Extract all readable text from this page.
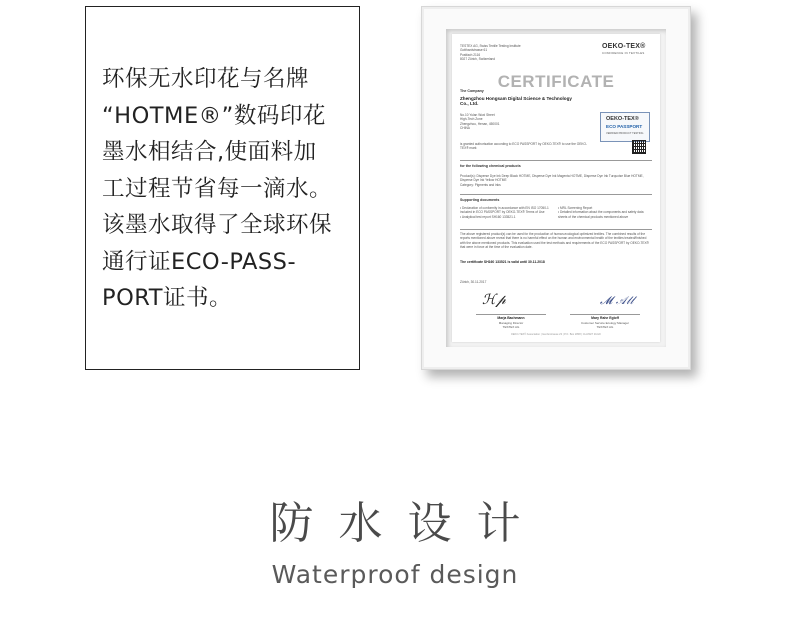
环保无水印花与名牌
“HOTME®”数码印花
墨水相结合,使面料加
工过程节省每一滴水。
该墨水取得了全球环保
通行证ECO-PASS-
PORT证书。
TESTEX AG, Swiss Textile Testing Institute
Gotthardstrasse 61
Postfach 2116
8027 Zürich, Switzerland
OEKO-TEX®
CONFIDENCE IN TEXTILES
CERTIFICATE
The Company
Zhengzhou Hongsam Digital Science & Technology Co., Ltd.
No.10 Yulan Wuxi Street
High-Tech Zone
Zhengzhou, Henan, 450001
CHINA
OEKO-TEX®
ECO PASSPORT
VERIFIED PRODUCT TESTING
is granted authorisation according to ECO PASSPORT by OEKO-TEX® to use the OEKO-TEX® mark
for the following chemical products
Product(s): Disperse Dye Ink Deep Black HOTME, Disperse Dye Ink Magenta HOTME, Disperse Dye Ink Turquoise Blue HOTME, Disperse Dye Ink Yellow HOTME
Category: Pigments and inks
Supporting documents
• Declaration of conformity in accordance with EN ISO 17050-1 included in ECO PASSPORT by OEKO-TEX® Terms of Use
• Analytical test report SH160 133521.1
• MRL Screening Report
• Detailed information about the components and safety data sheets of the chemical products mentioned above
The above registered product(s) can be used for the production of human-ecological optimized textiles. The combined results of the reports mentioned above reveal that there is no harmful effect on the human and environmental health of the textiles treated/finished with the above mentioned products. This evaluation used the test methods and requirements of the ECO PASSPORT by OEKO-TEX® that were in force at the time of the evaluation date.
The certificate SH160 133521 is valid until 30.11.2018
Zürich, 30.11.2017
ℋ𝓅	𝓜 𝒜𝓁𝓁
Marja Bachmann	Mary Rahe Egloff
Managing Director
TESTEX AG
Customer Service Ecology Manager
TESTEX AG
OEKO-TEX® Association | Genferstrasse 23 | P.O. Box 2808 | CH-8027 Zürich
防水设计
Waterproof design
